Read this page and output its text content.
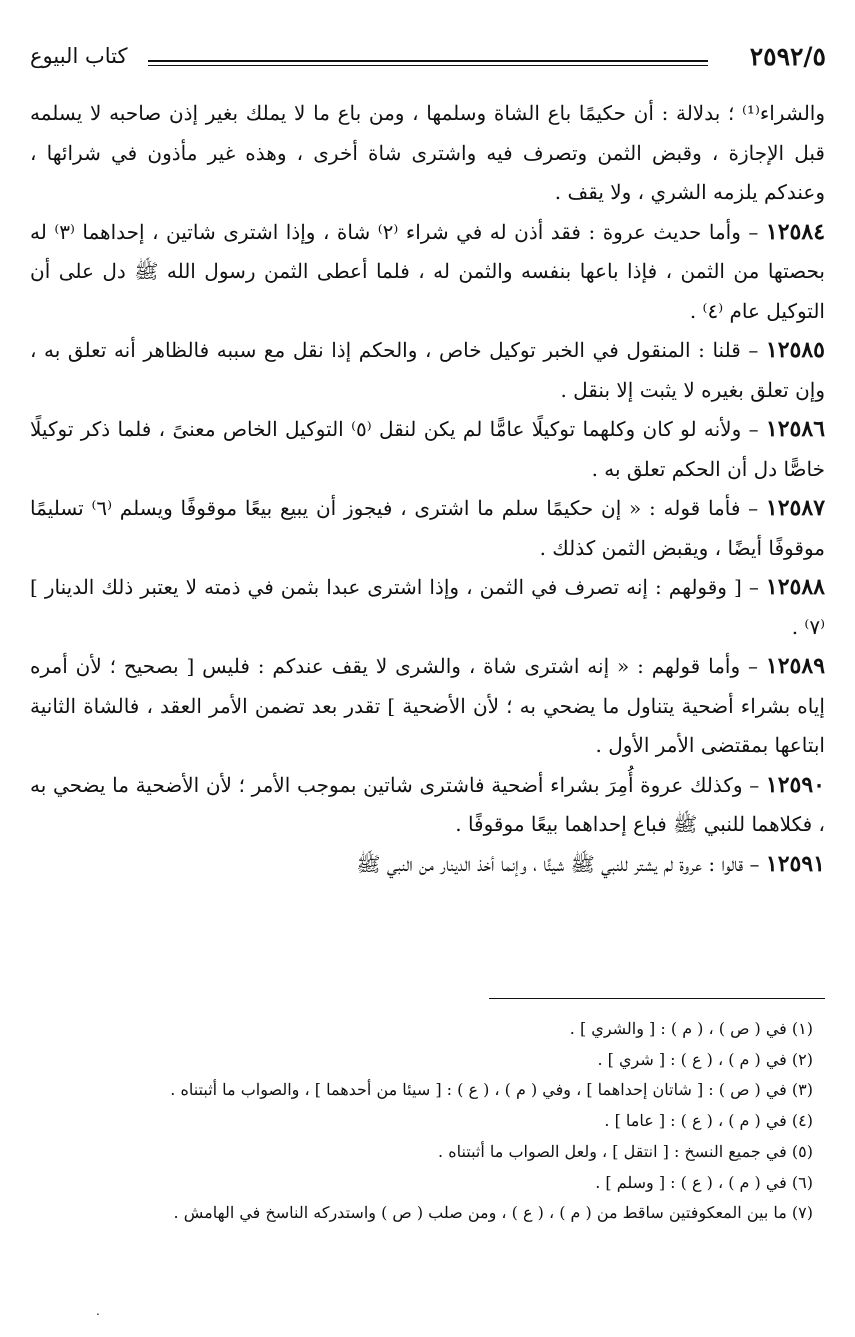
٢٥٩٢/٥
كتاب البيوع

والشراء⁽¹⁾ ؛ بدلالة : أن حكيمًا باع الشاة وسلمها ، ومن باع ما لا يملك بغير إذن صاحبه لا يسلمه قبل الإجازة ، وقبض الثمن وتصرف فيه واشترى شاة أخرى ، وهذه غير مأذون في شرائها ، وعندكم يلزمه الشري ، ولا يقف .

١٢٥٨٤ – وأما حديث عروة : فقد أذن له في شراء ⁽٢⁾ شاة ، وإذا اشترى شاتين ، إحداهما ⁽٣⁾ له بحصتها من الثمن ، فإذا باعها بنفسه والثمن له ، فلما أعطى الثمن رسول الله ﷺ دل على أن التوكيل عام ⁽٤⁾ .

١٢٥٨٥ – قلنا : المنقول في الخبر توكيل خاص ، والحكم إذا نقل مع سببه فالظاهر أنه تعلق به ، وإن تعلق بغيره لا يثبت إلا بنقل .

١٢٥٨٦ – ولأنه لو كان وكلهما توكيلًا عامًّا لم يكن لنقل ⁽٥⁾ التوكيل الخاص معنىً ، فلما ذكر توكيلًا خاصًّا دل أن الحكم تعلق به .

١٢٥٨٧ – فأما قوله : « إن حكيمًا سلم ما اشترى ، فيجوز أن يبيع بيعًا موقوفًا ويسلم ⁽٦⁾ تسليمًا موقوفًا أيضًا ، ويقبض الثمن كذلك .

١٢٥٨٨ – [ وقولهم : إنه تصرف في الثمن ، وإذا اشترى عبدا بثمن في ذمته لا يعتبر ذلك الدينار ] ⁽٧⁾ .

١٢٥٨٩ – وأما قولهم : « إنه اشترى شاة ، والشرى لا يقف عندكم : فليس [ بصحيح ؛ لأن أمره إياه بشراء أضحية يتناول ما يضحي به ؛ لأن الأضحية ] تقدر بعد تضمن الأمر العقد ، فالشاة الثانية ابتاعها بمقتضى الأمر الأول .

١٢٥٩٠ – وكذلك عروة أُمِرَ بشراء أضحية فاشترى شاتين بموجب الأمر ؛ لأن الأضحية ما يضحي به ، فكلاهما للنبي ﷺ فباع إحداهما بيعًا موقوفًا .

١٢٥٩١ – قالوا : عروة لم يشتر للنبي ﷺ شيئًا ، وإنما أخذ الدينار من النبي ﷺ

(١) في ( ص ) ، ( م ) : [ والشري ] .
(٢) في ( م ) ، ( ع ) : [ شري ] .
(٣) في ( ص ) : [ شاتان إحداهما ] ، وفي ( م ) ، ( ع ) : [ سيئا من أحدهما ] ، والصواب ما أثبتناه .
(٤) في ( م ) ، ( ع ) : [ عاما ] .
(٥) في جميع النسخ : [ انتقل ] ، ولعل الصواب ما أثبتناه .
(٦) في ( م ) ، ( ع ) : [ وسلم ] .
(٧) ما بين المعكوفتين ساقط من ( م ) ، ( ع ) ، ومن صلب ( ص ) واستدركه الناسخ في الهامش .
.
